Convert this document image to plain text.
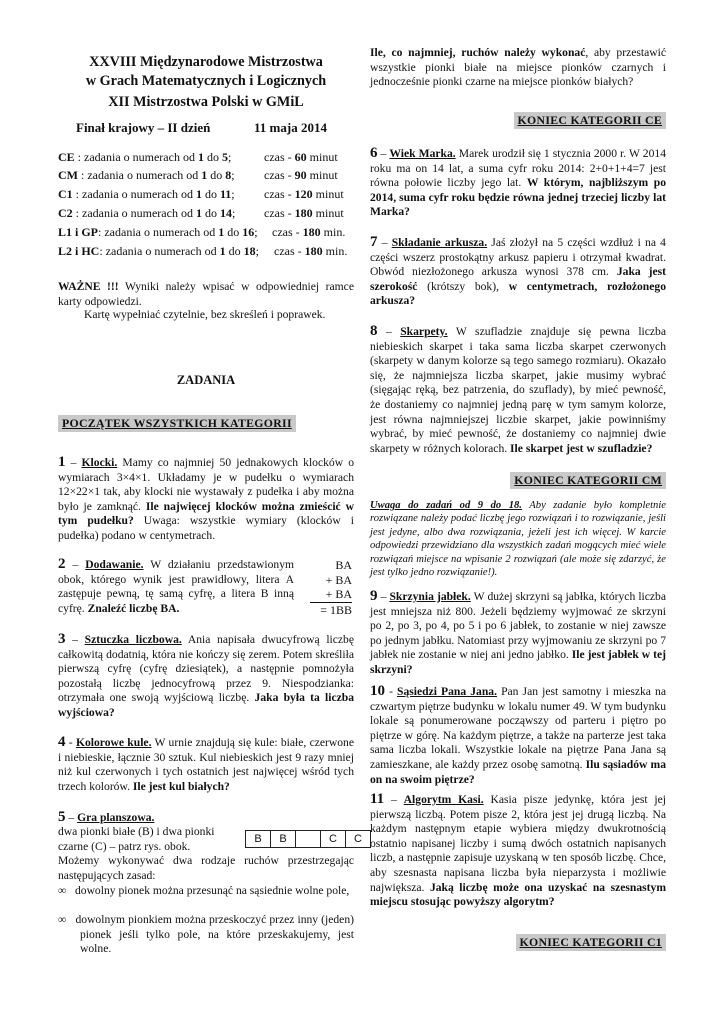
XXVIII Międzynarodowe Mistrzostwa
w Grach Matematycznych i Logicznych
XII Mistrzostwa Polski w GMiL
Finał krajowy – II dzień	11 maja 2014
CE : zadania o numerach od 1 do 5;	czas - 60 minut
CM : zadania o numerach od 1 do 8; czas - 90 minut
C1 : zadania o numerach od 1 do 11; czas - 120 minut
C2 : zadania o numerach od 1 do 14; czas - 180 minut
L1 i GP: zadania o numerach od 1 do 16; czas - 180 min.
L2 i HC: zadania o numerach od 1 do 18; czas - 180 min.
WAŻNE !!! Wyniki należy wpisać w odpowiedniej ramce karty odpowiedzi.
Kartę wypełniać czytelnie, bez skreśleń i poprawek.
ZADANIA
POCZĄTEK WSZYSTKICH KATEGORII
1 – Klocki. Mamy co najmniej 50 jednakowych klocków o wymiarach 3×4×1. Układamy je w pudełku o wymiarach 12×22×1 tak, aby klocki nie wystawały z pudełka i aby można było je zamknąć. Ile najwięcej klocków można zmieścić w tym pudełku? Uwaga: wszystkie wymiary (klocków i pudełka) podano w centymetrach.
2 – Dodawanie. W działaniu przedstawionym obok, którego wynik jest prawidłowy, litera A zastępuje pewną, tę samą cyfrę, a litera B inną cyfrę. Znaleźć liczbę BA.
BA
+ BA
+ BA
= 1BB
3 – Sztuczka liczbowa. Ania napisała dwucyfrową liczbę całkowitą dodatnią, która nie kończy się zerem. Potem skreśliła pierwszą cyfrę (cyfrę dziesiątek), a następnie pomnożyła pozostałą liczbę jednocyfrową przez 9. Niespodzianka: otrzymała one swoją wyjściową liczbę. Jaka była ta liczba wyjściowa?
4 - Kolorowe kule. W urnie znajdują się kule: białe, czerwone i niebieskie, łącznie 30 sztuk. Kul niebieskich jest 9 razy mniej niż kul czerwonych i tych ostatnich jest najwięcej wśród tych trzech kolorów. Ile jest kul białych?
5 – Gra planszowa.
dwa pionki białe (B) i dwa pionki czarne (C) – patrz rys. obok.
B	B	C	C
Możemy wykonywać dwa rodzaje ruchów przestrzegając następujących zasad:
∞ dowolny pionek można przesunąć na sąsiednie wolne pole,
∞ dowolnym pionkiem można przeskoczyć przez inny (jeden) pionek jeśli tylko pole, na które przeskakujemy, jest wolne.
Ile, co najmniej, ruchów należy wykonać, aby przestawić wszystkie pionki białe na miejsce pionków czarnych i jednocześnie pionki czarne na miejsce pionków białych?
KONIEC KATEGORII CE
6 – Wiek Marka. Marek urodził się 1 stycznia 2000 r. W 2014 roku ma on 14 lat, a suma cyfr roku 2014: 2+0+1+4=7 jest równa połowie liczby jego lat. W którym, najbliższym po 2014, suma cyfr roku będzie równa jednej trzeciej liczby lat Marka?
7 – Składanie arkusza. Jaś złożył na 5 części wzdłuż i na 4 części wszerz prostokątny arkusz papieru i otrzymał kwadrat. Obwód niezłożonego arkusza wynosi 378 cm. Jaka jest szerokość (krótszy bok), w centymetrach, rozłożonego arkusza?
8 – Skarpety. W szufladzie znajduje się pewna liczba niebieskich skarpet i taka sama liczba skarpet czerwonych (skarpety w danym kolorze są tego samego rozmiaru). Okazało się, że najmniejsza liczba skarpet, jakie musimy wybrać (sięgając ręką, bez patrzenia, do szuflady), by mieć pewność, że dostaniemy co najmniej jedną parę w tym samym kolorze, jest równa najmniejszej liczbie skarpet, jakie powinniśmy wybrać, by mieć pewność, że dostaniemy co najmniej dwie skarpety w różnych kolorach. Ile skarpet jest w szufladzie?
KONIEC KATEGORII CM
Uwaga do zadań od 9 do 18. Aby zadanie było kompletnie rozwiązane należy podać liczbę jego rozwiązań i to rozwiązanie, jeśli jest jedyne, albo dwa rozwiązania, jeżeli jest ich więcej. W karcie odpowiedzi przewidziano dla wszystkich zadań mogących mieć wiele rozwiązań miejsce na wpisanie 2 rozwiązań (ale może się zdarzyć, że jest tylko jedno rozwiązanie!).
9 – Skrzynia jabłek. W dużej skrzyni są jabłka, których liczba jest mniejsza niż 800. Jeżeli będziemy wyjmować ze skrzyni po 2, po 3, po 4, po 5 i po 6 jabłek, to zostanie w niej zawsze po jednym jabłku. Natomiast przy wyjmowaniu ze skrzyni po 7 jabłek nie zostanie w niej ani jedno jabłko. Ile jest jabłek w tej skrzyni?
10 - Sąsiedzi Pana Jana. Pan Jan jest samotny i mieszka na czwartym piętrze budynku w lokalu numer 49. W tym budynku lokale są ponumerowane począwszy od parteru i piętro po piętrze w górę. Na każdym piętrze, a także na parterze jest taka sama liczba lokali. Wszystkie lokale na piętrze Pana Jana są zamieszkane, ale każdy przez osobę samotną. Ilu sąsiadów ma on na swoim piętrze?
11 – Algorytm Kasi. Kasia pisze jedynkę, która jest jej pierwszą liczbą. Potem pisze 2, która jest jej drugą liczbą. Na każdym następnym etapie wybiera między dwukrotnością ostatnio napisanej liczby i sumą dwóch ostatnich napisanych liczb, a następnie zapisuje uzyskaną w ten sposób liczbę. Chce, aby szesnasta napisana liczba była nieparzysta i możliwie największa. Jaką liczbę może ona uzyskać na szesnastym miejscu stosując powyższy algorytm?
KONIEC KATEGORII C1
